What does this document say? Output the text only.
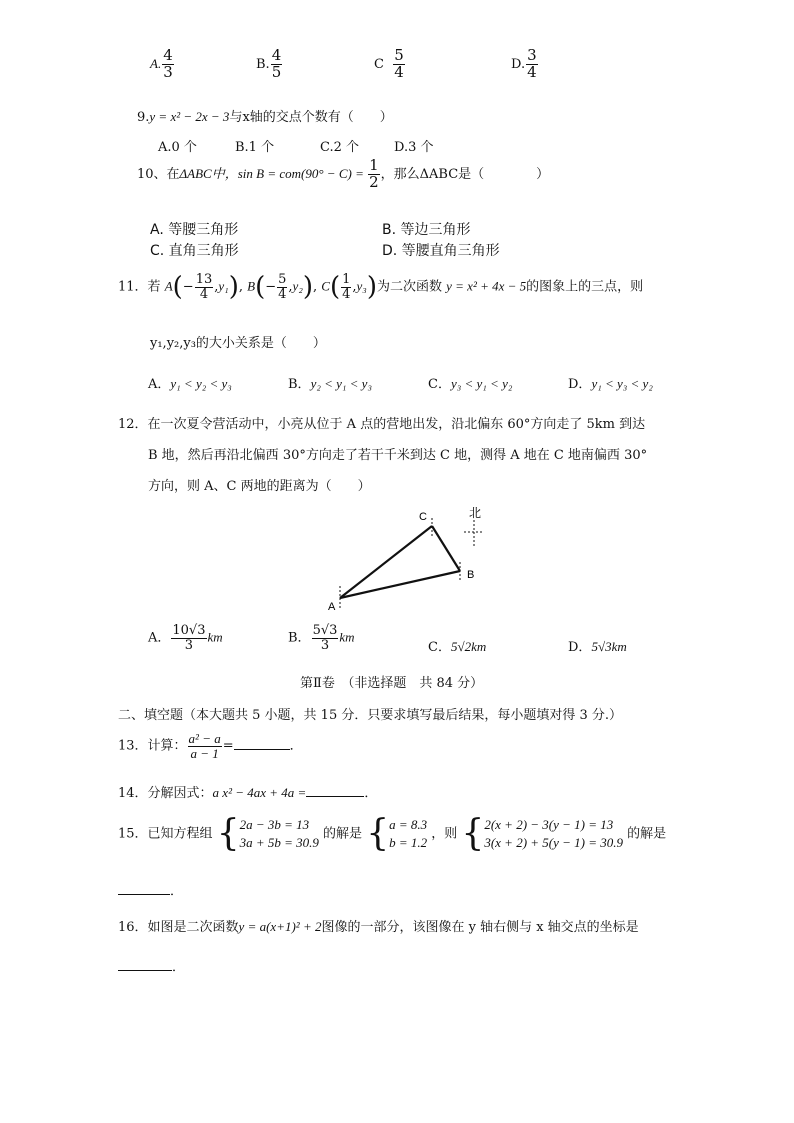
A. $\frac{4}{3}$	B. $\frac{4}{5}$	C $\frac{5}{4}$	D. $\frac{3}{4}$
9.y = x² − 2x − 3与x轴的交点个数有（　　）
A.0 个	B.1 个	C.2 个	D.3 个
10、在ΔABC中，$\sin B = com(90^\circ - C) = \frac{1}{2}$ ，那么ΔABC是（　　　　）
A. 等腰三角形	B. 等边三角形
C. 直角三角形	D. 等腰直角三角形
11．若 $A(- \frac{13}{4} ,y_1)$, $B(- \frac{5}{4} ,y_2)$, $C( \frac{1}{4} ,y_3)$为二次函数 y = x² + 4x − 5的图象上的三点，则
y₁,y₂,y₃的大小关系是（　　）
A．y₁ < y₂ < y₃	B．y₂ < y₁ < y₃	C．y₃ < y₁ < y₂	D．y₁ < y₃ < y₂
12．在一次夏令营活动中，小亮从位于 A 点的营地出发，沿北偏东 60°方向走了 5km 到达
B 地，然后再沿北偏西 30°方向走了若干千米到达 C 地，测得 A 地在 C 地南偏西 30°
方向，则 A、C 两地的距离为（　　）
A
C
B
北
A． $\frac{10√3}{3}$ km	B． $\frac{5√3}{3}$ km
C．5√2km	D．5√3km
第Ⅱ卷　（非选择题　共 84 分）
二、填空题（本大题共 5 小题，共 15 分．只要求填写最后结果，每小题填对得 3 分.）
13．计算： $\frac{\text{a² − a}}{a - 1}$ =	．
14．分解因式：a x² − 4ax + 4a =	．
15．已知方程组 { 2a − 3b = 13
3a + 5b = 30.9
的解是 { a = 8.3
b = 1.2
，则 { 2(x + 2) − 3(y − 1) = 13
3(x + 2) + 5(y − 1) = 30.9
的解是
．
16．如图是二次函数y = a(x+1)² + 2图像的一部分，该图像在 y 轴右侧与 x 轴交点的坐标是
．
